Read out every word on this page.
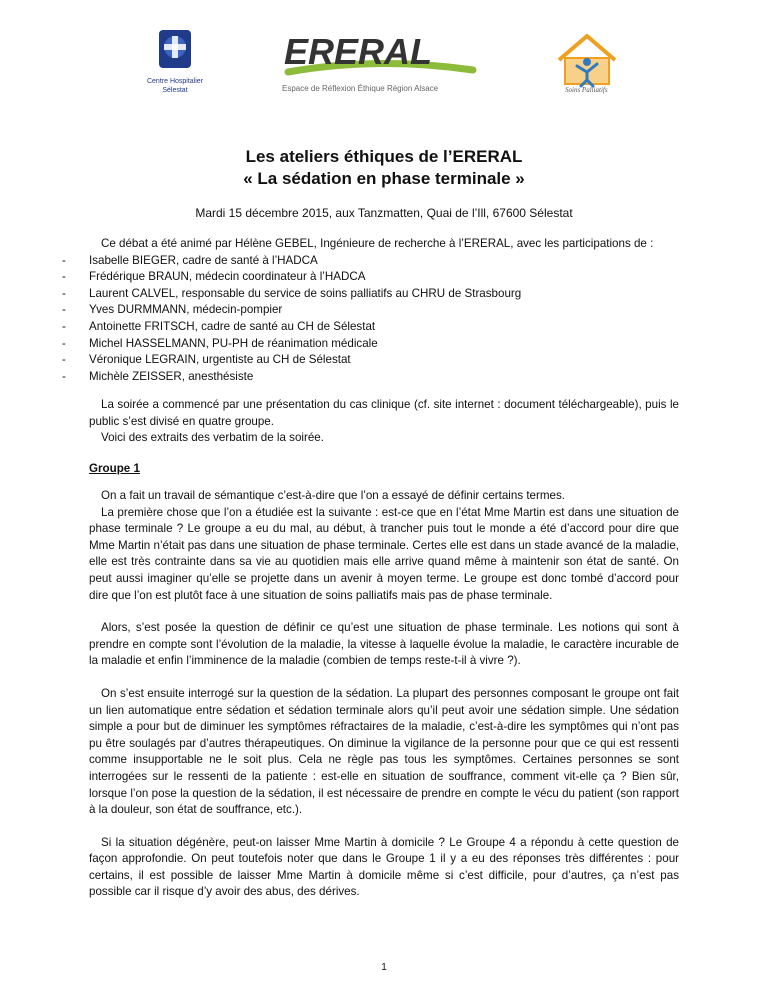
Centre Hospitalier
Sélestat
ERERAL
Espace de Réflexion Éthique Région Alsace	Soins Palliatifs
Les ateliers éthiques de l’ERERAL
« La sédation en phase terminale »
Mardi 15 décembre 2015, aux Tanzmatten, Quai de l’Ill, 67600 Sélestat

Ce débat a été animé par Hélène GEBEL, Ingénieure de recherche à l’ERERAL, avec les participations de :

- Isabelle BIEGER, cadre de santé à l’HADCA
- Frédérique BRAUN, médecin coordinateur à l’HADCA
- Laurent CALVEL, responsable du service de soins palliatifs au CHRU de Strasbourg
- Yves DURMMANN, médecin-pompier
- Antoinette FRITSCH, cadre de santé au CH de Sélestat
- Michel HASSELMANN, PU-PH de réanimation médicale
- Véronique LEGRAIN, urgentiste au CH de Sélestat
- Michèle ZEISSER, anesthésiste

La soirée a commencé par une présentation du cas clinique (cf. site internet : document téléchargeable), puis le public s’est divisé en quatre groupe.

Voici des extraits des verbatim de la soirée.

Groupe 1

On a fait un travail de sémantique c’est-à-dire que l’on a essayé de définir certains termes.

La première chose que l’on a étudiée est la suivante : est-ce que en l’état Mme Martin est dans une situation de phase terminale ? Le groupe a eu du mal, au début, à trancher puis tout le monde a été d’accord pour dire que Mme Martin n’était pas dans une situation de phase terminale. Certes elle est dans un stade avancé de la maladie, elle est très contrainte dans sa vie au quotidien mais elle arrive quand même à maintenir son état de santé. On peut aussi imaginer qu’elle se projette dans un avenir à moyen terme. Le groupe est donc tombé d’accord pour dire que l’on est plutôt face à une situation de soins palliatifs mais pas de phase terminale.

Alors, s’est posée la question de définir ce qu’est une situation de phase terminale. Les notions qui sont à prendre en compte sont l’évolution de la maladie, la vitesse à laquelle évolue la maladie, le caractère incurable de la maladie et enfin l’imminence de la maladie (combien de temps reste-t-il à vivre ?).

On s’est ensuite interrogé sur la question de la sédation. La plupart des personnes composant le groupe ont fait un lien automatique entre sédation et sédation terminale alors qu’il peut avoir une sédation simple. Une sédation simple a pour but de diminuer les symptômes réfractaires de la maladie, c’est-à-dire les symptômes qui n’ont pas pu être soulagés par d’autres thérapeutiques. On diminue la vigilance de la personne pour que ce qui est ressenti comme insupportable ne le soit plus. Cela ne règle pas tous les symptômes. Certaines personnes se sont interrogées sur le ressenti de la patiente : est-elle en situation de souffrance, comment vit-elle ça ? Bien sûr, lorsque l’on pose la question de la sédation, il est nécessaire de prendre en compte le vécu du patient (son rapport à la douleur, son état de souffrance, etc.).

Si la situation dégénère, peut-on laisser Mme Martin à domicile ? Le Groupe 4 a répondu à cette question de façon approfondie. On peut toutefois noter que dans le Groupe 1 il y a eu des réponses très différentes : pour certains, il est possible de laisser Mme Martin à domicile même si c’est difficile, pour d’autres, ça n’est pas possible car il risque d’y avoir des abus, des dérives.

1
